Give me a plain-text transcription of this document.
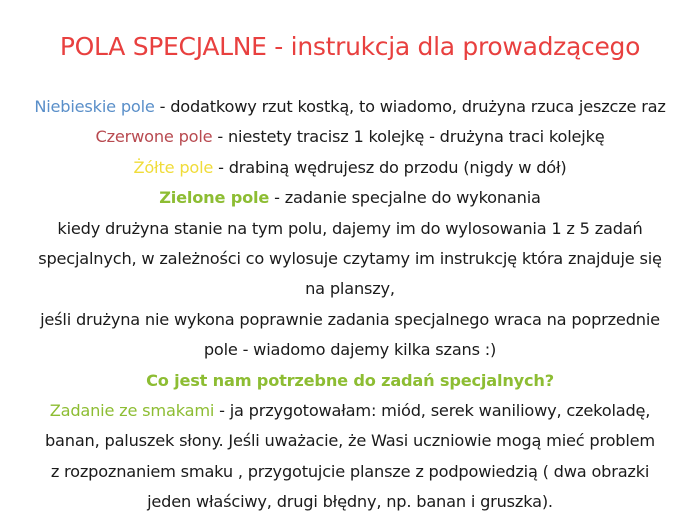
POLA SPECJALNE - instrukcja dla prowadzącego
Niebieskie pole - dodatkowy rzut kostką, to wiadomo, drużyna rzuca jeszcze raz
Czerwone pole - niestety tracisz 1 kolejkę - drużyna traci kolejkę
Żółte pole - drabiną wędrujesz do przodu (nigdy w dół)
Zielone pole - zadanie specjalne do wykonania
kiedy drużyna stanie na tym polu, dajemy im do wylosowania 1 z 5 zadań
specjalnych, w zależności co wylosuje czytamy im instrukcję która znajduje się
na planszy,
jeśli drużyna nie wykona poprawnie zadania specjalnego wraca na poprzednie
pole - wiadomo dajemy kilka szans :)
Co jest nam potrzebne do zadań specjalnych?
Zadanie ze smakami - ja przygotowałam: miód, serek waniliowy, czekoladę,
banan, paluszek słony. Jeśli uważacie, że Wasi uczniowie mogą mieć problem
z rozpoznaniem smaku , przygotujcie plansze z podpowiedzią ( dwa obrazki
jeden właściwy, drugi błędny, np. banan i gruszka).
